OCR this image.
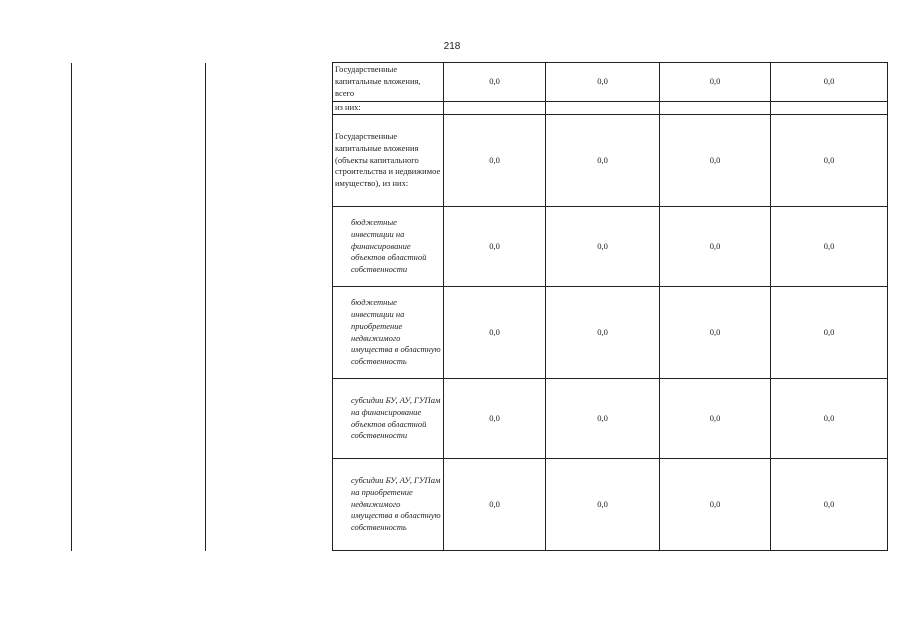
218
Государственные капитальные вложения, всего	0,0	0,0	0,0	0,0
из них:				
Государственные капитальные вложения (объекты капитального строительства и недвижимое имущество), из них:	0,0	0,0	0,0	0,0
бюджетные инвестиции на финансирование объектов областной собственности	0,0	0,0	0,0	0,0
бюджетные инвестиции на приобретение недвижимого имущества в областную собственность	0,0	0,0	0,0	0,0
субсидии БУ, АУ, ГУПам на финансирование объектов областной собственности	0,0	0,0	0,0	0,0
субсидии БУ, АУ, ГУПам на приобретение недвижимого имущества в областную собственность	0,0	0,0	0,0	0,0
